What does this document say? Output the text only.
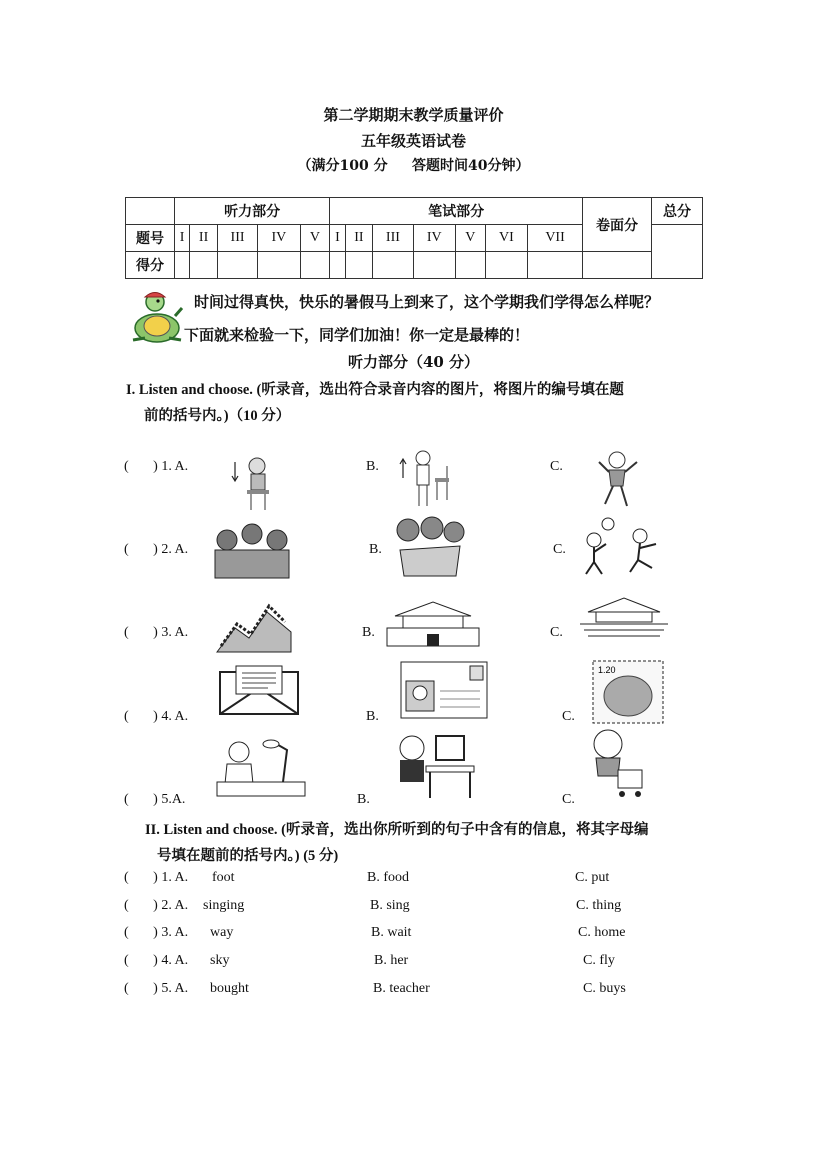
第二学期期末教学质量评价
五年级英语试卷
（满分100 分     答题时间40分钟）
	听力部分					笔试部分							卷面分	总分
题号	I	II	III	IV	V	I	II	III	IV	V	VI	VII		
得分														
时间过得真快，快乐的暑假马上到来了，这个学期我们学得怎么样呢？
下面就来检验一下，同学们加油！你一定是最棒的！
听力部分（40 分）
I. Listen and choose. (听录音，选出符合录音内容的图片，将图片的编号填在题
前的括号内。)（10 分）
(       ) 1. A.	B.	C.
(       ) 2. A.	B.	C.
(       ) 3. A.	B.	C.
(       ) 4. A.	B.	C.
1.20
(       ) 5.A.	B.	C.
II. Listen and choose. (听录音，选出你所听到的句子中含有的信息，将其字母编
号填在题前的括号内。) (5 分)
(       ) 1. A. foot	B. food	C. put
(       ) 2. A. singing	B. sing	C. thing
(       ) 3. A. way	B. wait	C. home
(       ) 4. A. sky	B. her	C. fly
(       ) 5. A. bought	B. teacher	C. buys
